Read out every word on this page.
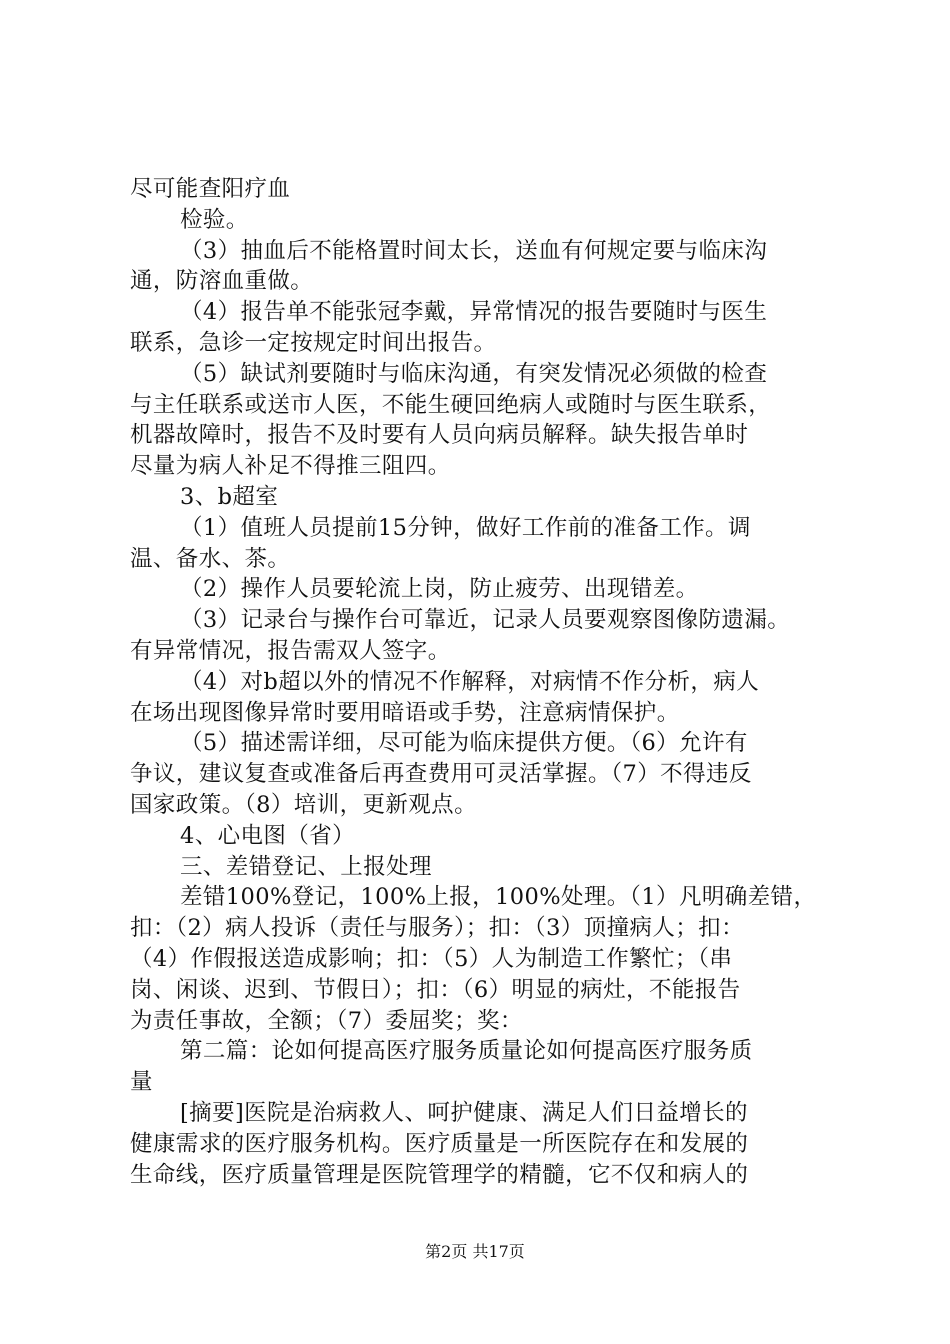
尽可能查阳疗血
检验。
（3）抽血后不能格置时间太长，送血有何规定要与临床沟
通，防溶血重做。
（4）报告单不能张冠李戴，异常情况的报告要随时与医生
联系，急诊一定按规定时间出报告。
（5）缺试剂要随时与临床沟通，有突发情况必须做的检查
与主任联系或送市人医，不能生硬回绝病人或随时与医生联系，
机器故障时，报告不及时要有人员向病员解释。缺失报告单时
尽量为病人补足不得推三阻四。
3、b超室
（1）值班人员提前15分钟，做好工作前的准备工作。调
温、备水、茶。
（2）操作人员要轮流上岗，防止疲劳、出现错差。
（3）记录台与操作台可靠近，记录人员要观察图像防遗漏。
有异常情况，报告需双人签字。
（4）对b超以外的情况不作解释，对病情不作分析，病人
在场出现图像异常时要用暗语或手势，注意病情保护。
（5）描述需详细，尽可能为临床提供方便。（6）允许有
争议，建议复查或准备后再查费用可灵活掌握。（7）不得违反
国家政策。（8）培训，更新观点。
4、心电图（省）
三、差错登记、上报处理
差错100%登记，100%上报，100%处理。（1）凡明确差错，
扣：（2）病人投诉（责任与服务）；扣：（3）顶撞病人；扣：
（4）作假报送造成影响；扣：（5）人为制造工作繁忙；（串
岗、闲谈、迟到、节假日）；扣：（6）明显的病灶，不能报告
为责任事故，全额；（7）委屈奖；奖：
第二篇：论如何提高医疗服务质量论如何提高医疗服务质
量
[摘要]医院是治病救人、呵护健康、满足人们日益增长的
健康需求的医疗服务机构。医疗质量是一所医院存在和发展的
生命线，医疗质量管理是医院管理学的精髓，它不仅和病人的
第2页 共17页
